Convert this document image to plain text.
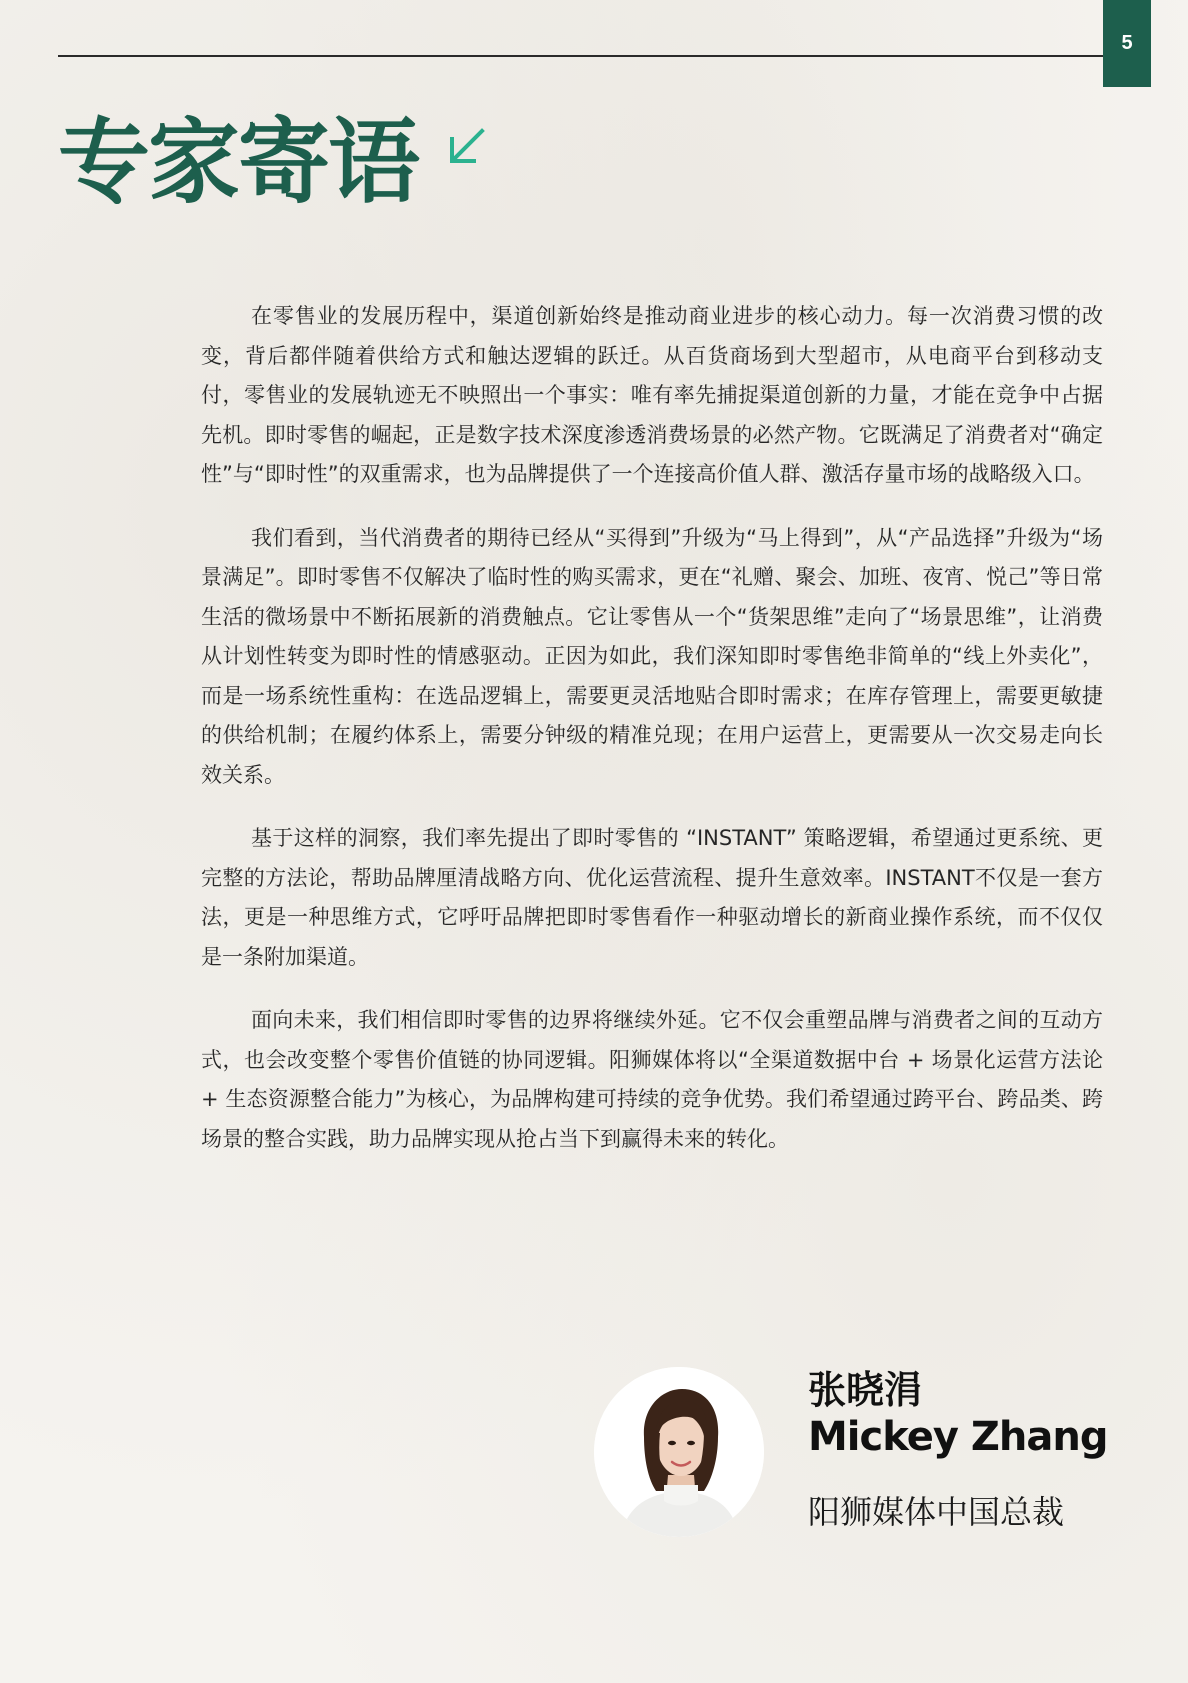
5
专家寄语

在零售业的发展历程中，渠道创新始终是推动商业进步的核心动力。每一次消费习惯的改变，背后都伴随着供给方式和触达逻辑的跃迁。从百货商场到大型超市，从电商平台到移动支付，零售业的发展轨迹无不映照出一个事实：唯有率先捕捉渠道创新的力量，才能在竞争中占据先机。即时零售的崛起，正是数字技术深度渗透消费场景的必然产物。它既满足了消费者对“确定性”与“即时性”的双重需求，也为品牌提供了一个连接高价值人群、激活存量市场的战略级入口。

我们看到，当代消费者的期待已经从“买得到”升级为“马上得到”，从“产品选择”升级为“场景满足”。即时零售不仅解决了临时性的购买需求，更在“礼赠、聚会、加班、夜宵、悦己”等日常生活的微场景中不断拓展新的消费触点。它让零售从一个“货架思维”走向了“场景思维”，让消费从计划性转变为即时性的情感驱动。正因为如此，我们深知即时零售绝非简单的“线上外卖化”，而是一场系统性重构：在选品逻辑上，需要更灵活地贴合即时需求；在库存管理上，需要更敏捷的供给机制；在履约体系上，需要分钟级的精准兑现；在用户运营上，更需要从一次交易走向长效关系。

基于这样的洞察，我们率先提出了即时零售的 “INSTANT” 策略逻辑，希望通过更系统、更完整的方法论，帮助品牌厘清战略方向、优化运营流程、提升生意效率。INSTANT不仅是一套方法，更是一种思维方式，它呼吁品牌把即时零售看作一种驱动增长的新商业操作系统，而不仅仅是一条附加渠道。

面向未来，我们相信即时零售的边界将继续外延。它不仅会重塑品牌与消费者之间的互动方式，也会改变整个零售价值链的协同逻辑。阳狮媒体将以“全渠道数据中台 + 场景化运营方法论 + 生态资源整合能力”为核心，为品牌构建可持续的竞争优势。我们希望通过跨平台、跨品类、跨场景的整合实践，助力品牌实现从抢占当下到赢得未来的转化。

张晓涓
Mickey Zhang

阳狮媒体中国总裁
